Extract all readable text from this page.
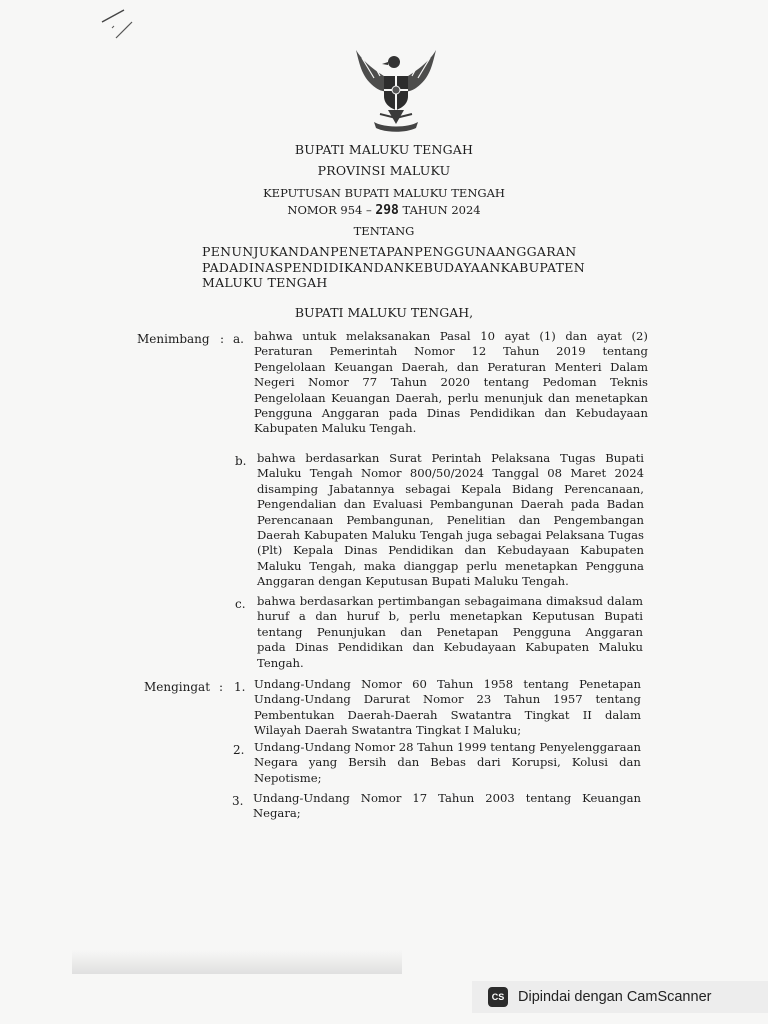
BUPATI MALUKU TENGAH
PROVINSI MALUKU
KEPUTUSAN BUPATI MALUKU TENGAH
NOMOR 954 – 298 TAHUN 2024
TENTANG
PENUNJUKANDANPENETAPANPENGGUNAANGGARAN
PADADINASPENDIDIKANDANKEBUDAYAANKABUPATEN
MALUKU TENGAH
BUPATI MALUKU TENGAH,
Menimbang : a. bahwa untuk melaksanakan Pasal 10 ayat (1) dan ayat (2)
Peraturan Pemerintah Nomor 12 Tahun 2019 tentang
Pengelolaan Keuangan Daerah, dan Peraturan Menteri Dalam
Negeri Nomor 77 Tahun 2020 tentang Pedoman Teknis
Pengelolaan Keuangan Daerah, perlu menunjuk dan menetapkan
Pengguna Anggaran pada Dinas Pendidikan dan Kebudayaan
Kabupaten Maluku Tengah.
b. bahwa berdasarkan Surat Perintah Pelaksana Tugas Bupati
Maluku Tengah Nomor 800/50/2024 Tanggal 08 Maret 2024
disamping Jabatannya sebagai Kepala Bidang Perencanaan,
Pengendalian dan Evaluasi Pembangunan Daerah pada Badan
Perencanaan Pembangunan, Penelitian dan Pengembangan
Daerah Kabupaten Maluku Tengah juga sebagai Pelaksana Tugas
(Plt) Kepala Dinas Pendidikan dan Kebudayaan Kabupaten
Maluku Tengah, maka dianggap perlu menetapkan Pengguna
Anggaran dengan Keputusan Bupati Maluku Tengah.
c. bahwa berdasarkan pertimbangan sebagaimana dimaksud dalam
huruf a dan huruf b, perlu menetapkan Keputusan Bupati
tentang Penunjukan dan Penetapan Pengguna Anggaran
pada Dinas Pendidikan dan Kebudayaan Kabupaten Maluku
Tengah.
Mengingat : 1. Undang-Undang Nomor 60 Tahun 1958 tentang Penetapan
Undang-Undang Darurat Nomor 23 Tahun 1957 tentang
Pembentukan Daerah-Daerah Swatantra Tingkat II dalam
Wilayah Daerah Swatantra Tingkat I Maluku;
2. Undang-Undang Nomor 28 Tahun 1999 tentang Penyelenggaraan
Negara yang Bersih dan Bebas dari Korupsi, Kolusi dan
Nepotisme;
3. Undang-Undang Nomor 17 Tahun 2003 tentang Keuangan
Negara;
CS Dipindai dengan CamScanner
